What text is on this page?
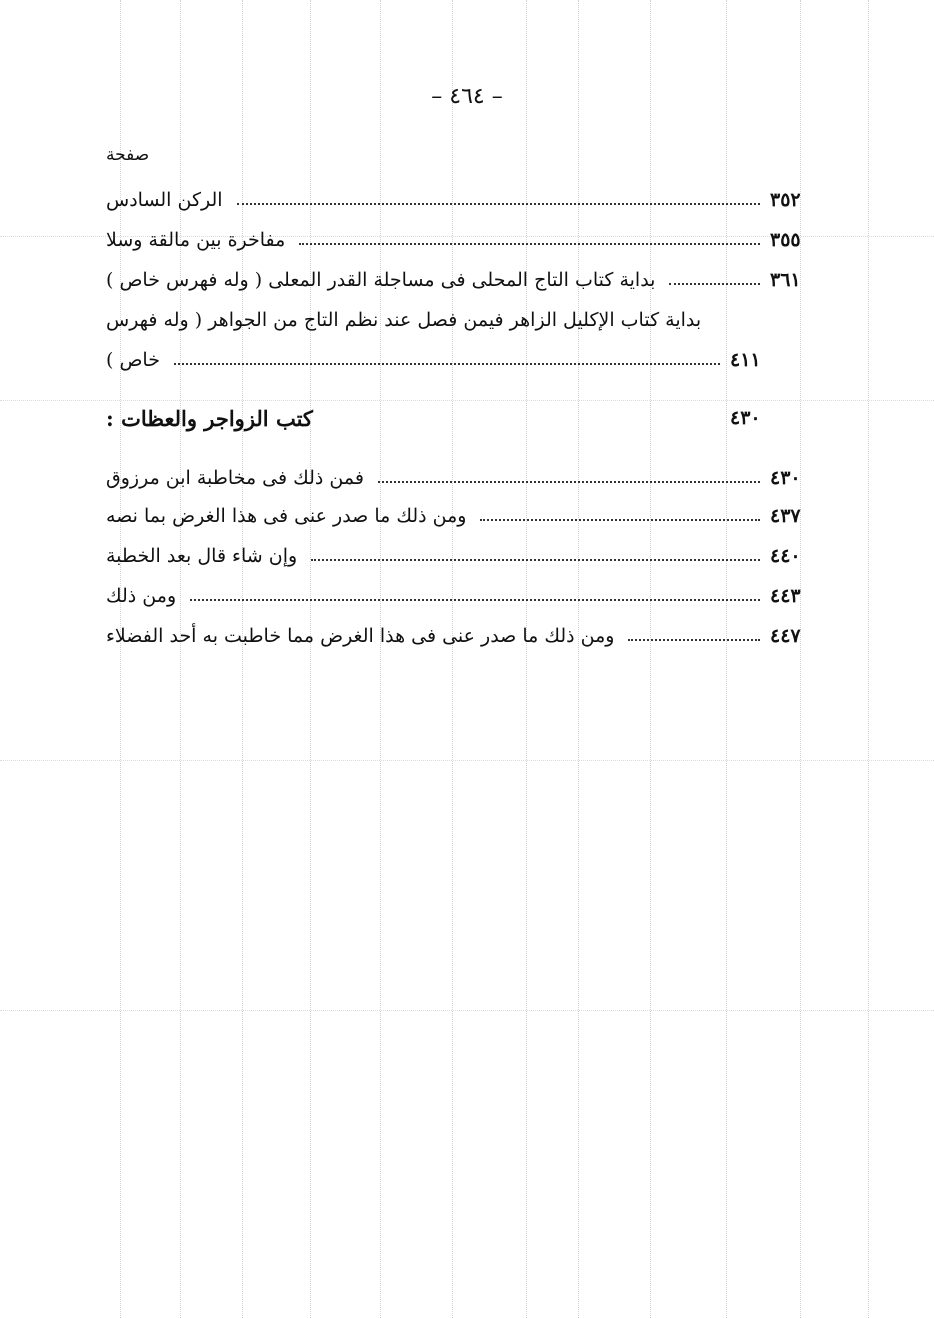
– ٤٦٤ –
صفحة
الركن السادس	٣٥٢
مفاخرة بين مالقة وسلا	٣٥٥
بداية كتاب التاج المحلى فى مساجلة القدر المعلى ( وله فهرس خاص )	٣٦١
بداية كتاب الإكليل الزاهر فيمن فصل عند نظم التاج من الجواهر ( وله فهرس
خاص )	٤١١
كتب الزواجر والعظات :	٤٣٠
فمن ذلك فى مخاطبة ابن مرزوق	٤٣٠
ومن ذلك ما صدر عنى فى هذا الغرض بما نصه	٤٣٧
وإن شاء قال بعد الخطبة	٤٤٠
ومن ذلك	٤٤٣
ومن ذلك ما صدر عنى فى هذا الغرض مما خاطبت به أحد الفضلاء	٤٤٧
